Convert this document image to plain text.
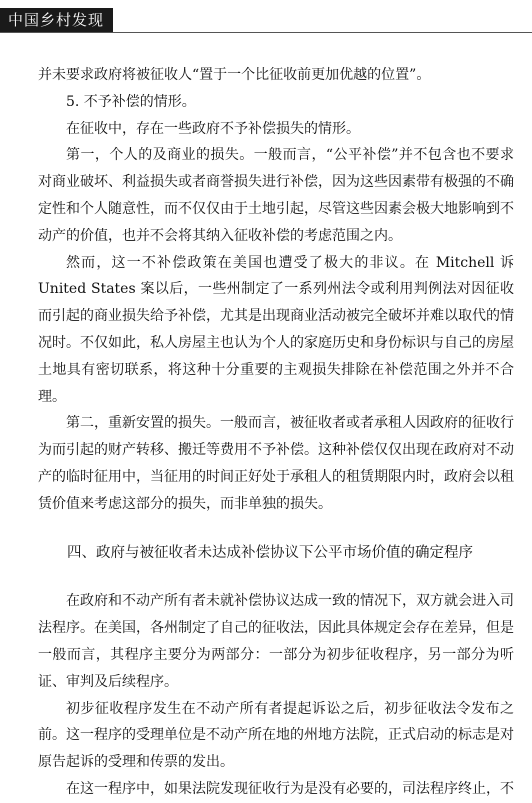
中国乡村发现

并未要求政府将被征收人“置于一个比征收前更加优越的位置”。

5. 不予补偿的情形。

在征收中，存在一些政府不予补偿损失的情形。

第一，个人的及商业的损失。一般而言，“公平补偿”并不包含也不要求对商业破坏、利益损失或者商誉损失进行补偿，因为这些因素带有极强的不确定性和个人随意性，而不仅仅由于土地引起，尽管这些因素会极大地影响到不动产的价值，也并不会将其纳入征收补偿的考虑范围之内。

然而，这一不补偿政策在美国也遭受了极大的非议。在 Mitchell 诉 United States 案以后，一些州制定了一系列州法令或利用判例法对因征收而引起的商业损失给予补偿，尤其是出现商业活动被完全破坏并难以取代的情况时。不仅如此，私人房屋主也认为个人的家庭历史和身份标识与自己的房屋土地具有密切联系，将这种十分重要的主观损失排除在补偿范围之外并不合理。

第二，重新安置的损失。一般而言，被征收者或者承租人因政府的征收行为而引起的财产转移、搬迁等费用不予补偿。这种补偿仅仅出现在政府对不动产的临时征用中，当征用的时间正好处于承租人的租赁期限内时，政府会以租赁价值来考虑这部分的损失，而非单独的损失。

四、政府与被征收者未达成补偿协议下公平市场价值的确定程序

在政府和不动产所有者未就补偿协议达成一致的情况下，双方就会进入司法程序。在美国，各州制定了自己的征收法，因此具体规定会存在差异，但是一般而言，其程序主要分为两部分：一部分为初步征收程序，另一部分为听证、审判及后续程序。

初步征收程序发生在不动产所有者提起诉讼之后，初步征收法令发布之前。这一程序的受理单位是不动产所在地的州地方法院，正式启动的标志是对原告起诉的受理和传票的发出。

在这一程序中，如果法院发现征收行为是没有必要的，司法程序终止，不
